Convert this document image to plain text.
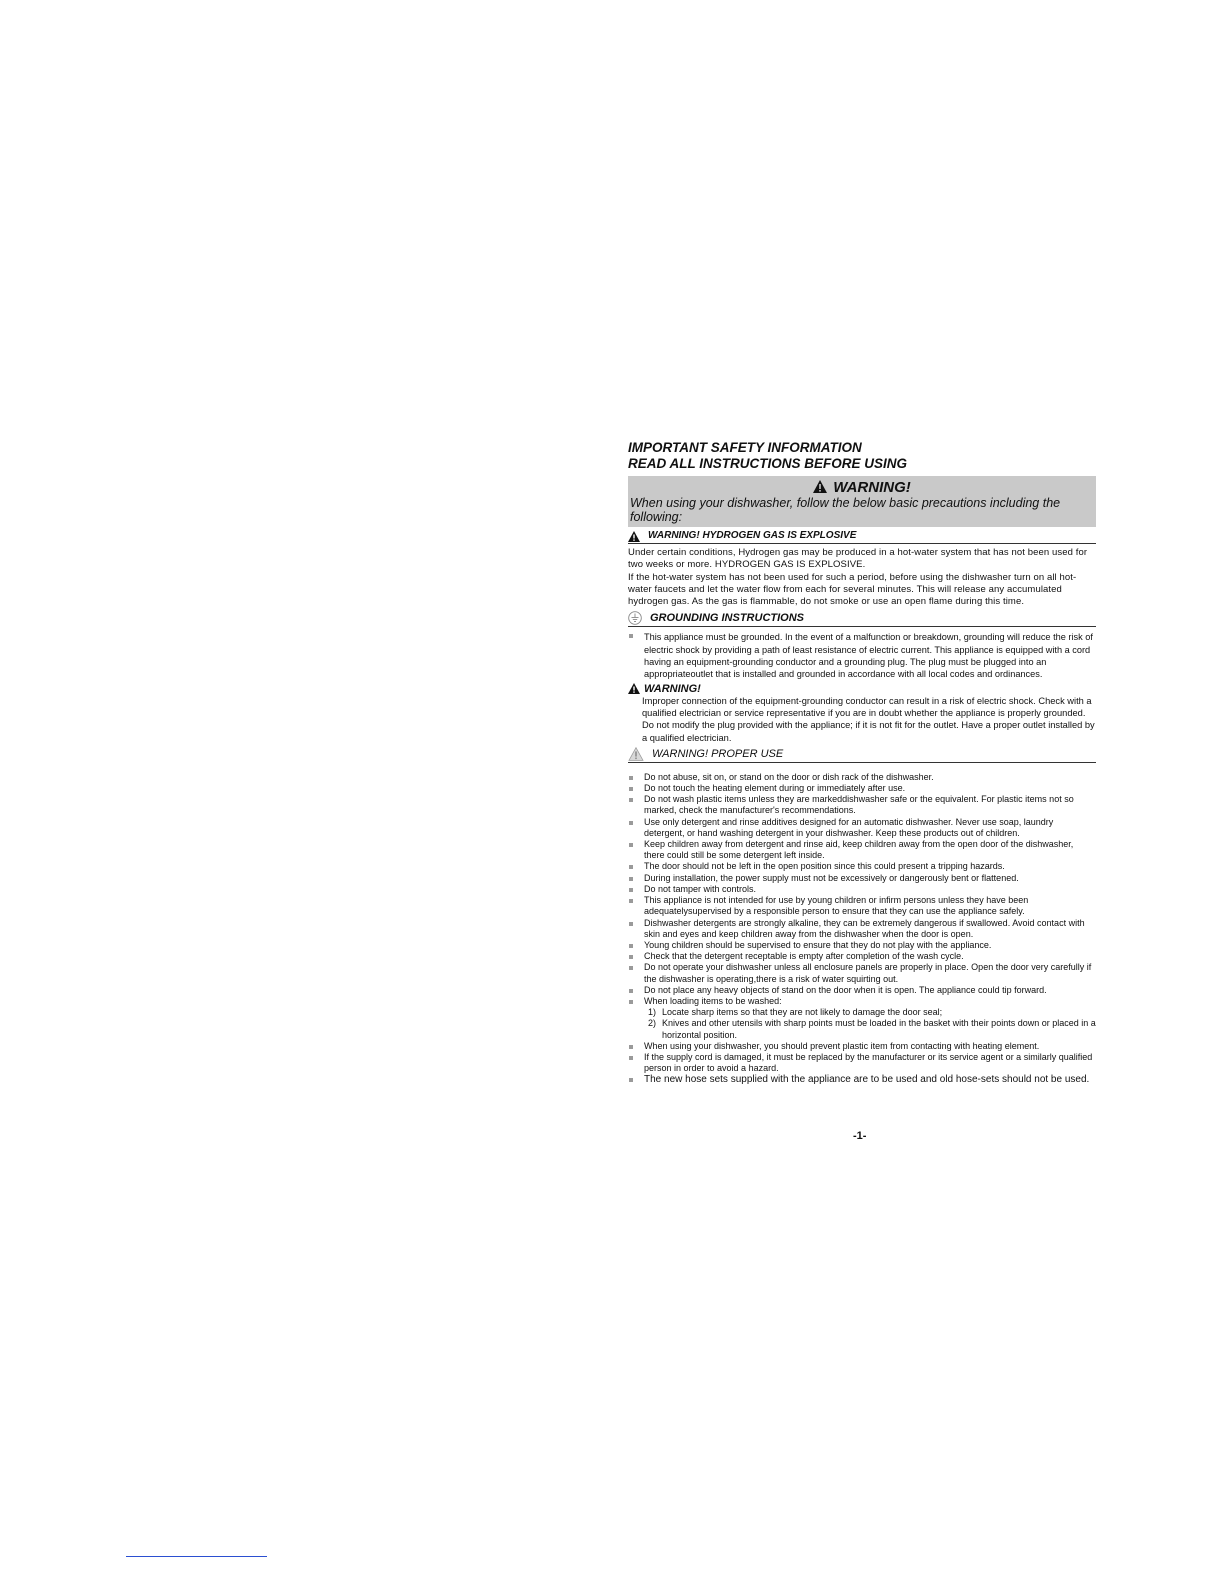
IMPORTANT SAFETY INFORMATION

READ ALL INSTRUCTIONS BEFORE USING

WARNING!
When using your dishwasher, follow the below basic precautions including the following:
WARNING! HYDROGEN GAS IS EXPLOSIVE

Under certain conditions, Hydrogen gas may be produced in a hot-water system that has not been used for two weeks or more. HYDROGEN GAS IS EXPLOSIVE.

If the hot-water system has not been used for such a period, before using the dishwasher turn on all hot-water faucets and let the water flow from each for several minutes. This will release any accumulated hydrogen gas. As the gas is flammable, do not smoke or use an open flame during this time.

GROUNDING INSTRUCTIONS
This appliance must be grounded. In the event of a malfunction or breakdown, grounding will reduce the risk of electric shock by providing a path of least resistance of electric current. This appliance is equipped with a cord having an equipment-grounding conductor and a grounding plug. The plug must be plugged into an appropriateoutlet that is installed and grounded in accordance with all local codes and ordinances.
WARNING!
Improper connection of the equipment-grounding conductor can result in a risk of electric shock. Check with a qualified electrician or service representative if you are in doubt whether the appliance is properly grounded. Do not modify the plug provided with the appliance; if it is not fit for the outlet. Have a proper outlet installed by a qualified electrician.
WARNING! PROPER USE
Do not abuse, sit on, or stand on the door or dish rack of the dishwasher.
Do not touch the heating element during or immediately after use.
Do not wash plastic items unless they are markeddishwasher safe or the equivalent. For plastic items not so marked, check the manufacturer's recommendations.
Use only detergent and rinse additives designed for an automatic dishwasher. Never use soap, laundry detergent, or hand washing detergent in your dishwasher. Keep these products out of children.
Keep children away from detergent and rinse aid, keep children away from the open door of the dishwasher, there could still be some detergent left inside.
The door should not be left in the open position since this could present a tripping hazards.
During installation, the power supply must not be excessively or dangerously bent or flattened.
Do not tamper with controls.
This appliance is not intended for use by young children or infirm persons unless they have been adequatelysupervised by a responsible person to ensure that they can use the appliance safely.
Dishwasher detergents are strongly alkaline, they can be extremely dangerous if swallowed. Avoid contact with skin and eyes and keep children away from the dishwasher when the door is open.
Young children should be supervised to ensure that they do not play with the appliance.
Check that the detergent receptable is empty after completion of the wash cycle.
Do not operate your dishwasher unless all enclosure panels are properly in place. Open the door very carefully if the dishwasher is operating,there is a risk of water squirting out.
Do not place any heavy objects of stand on the door when it is open. The appliance could tip forward.
When loading items to be washed:
1) Locate sharp items so that they are not likely to damage the door seal;
2) Knives and other utensils with sharp points must be loaded in the basket with their points down or placed in a horizontal position.
When using your dishwasher, you should prevent plastic item from contacting with heating element.
If the supply cord is damaged, it must be replaced by the manufacturer or its service agent or a similarly qualified person in order to avoid a hazard.
The new hose sets supplied with the appliance are to be used and old hose-sets should not be used.
-1-
